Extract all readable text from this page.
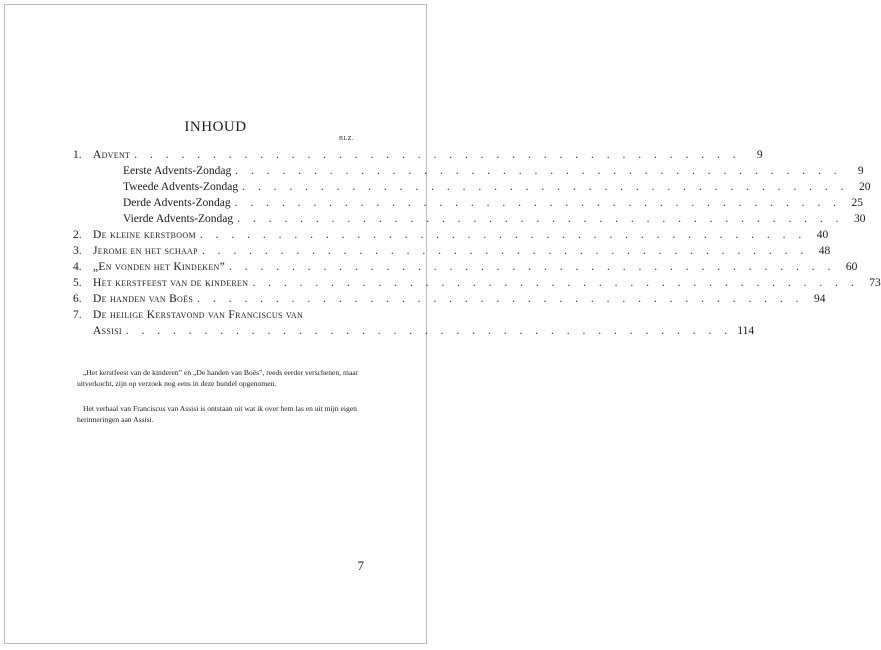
INHOUD
BLZ.
1. Advent . . . . . . . . . . . . . . . . . . . . . . . . . . . . . . . . . . . . . . .	9
Eerste Advents-Zondag . . . . . . . . . . . . . . . . . . . . . . . . . . . . . . . . . . . . . . .	9
Tweede Advents-Zondag . . . . . . . . . . . . . . . . . . . . . . . . . . . . . . . . . . . . . . . 20
Derde Advents-Zondag . . . . . . . . . . . . . . . . . . . . . . . . . . . . . . . . . . . . . . . 25
Vierde Advents-Zondag . . . . . . . . . . . . . . . . . . . . . . . . . . . . . . . . . . . . . . . 30
2. De kleine kerstboom . . . . . . . . . . . . . . . . . . . . . . . . . . . . . . . . . . . . . . . 40
3. Jerome en het schaap . . . . . . . . . . . . . . . . . . . . . . . . . . . . . . . . . . . . . . . 48
4. „En vonden het Kindeken” . . . . . . . . . . . . . . . . . . . . . . . . . . . . . . . . . . . . . . . 60
5. Het kerstfeest van de kinderen . . . . . . . . . . . . . . . . . . . . . . . . . . . . . . . . . . . . . . . 73
6. De handen van Boës . . . . . . . . . . . . . . . . . . . . . . . . . . . . . . . . . . . . . . . 94
7. De heilige Kerstavond van Franciscus van
Assisi . . . . . . . . . . . . . . . . . . . . . . . . . . . . . . . . . . . . . . . 114

„Het kerstfeest van de kinderen” en „De handen van Boës”, reeds eerder verschenen, maar uitverkocht, zijn op verzoek nog eens in deze bundel opgenomen.

Het verhaal van Franciscus van Assisi is ontstaan uit wat ik over hem las en uit mijn eigen herinneringen aan Assisi.

7
